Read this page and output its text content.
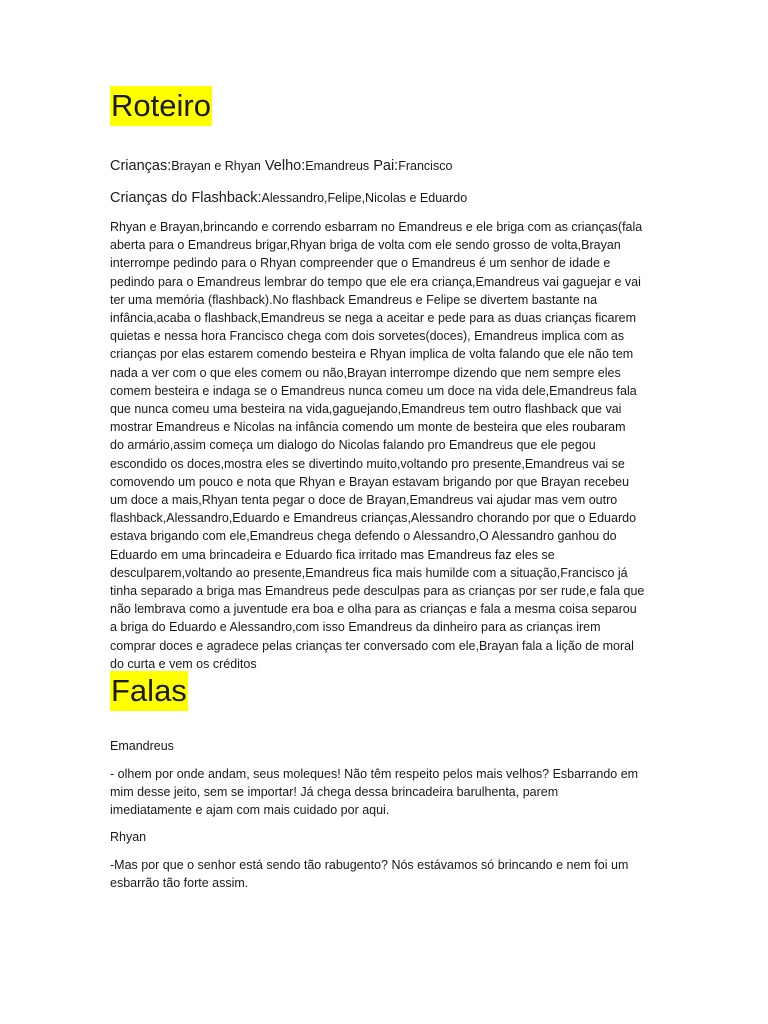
Roteiro
Crianças:Brayan e Rhyan Velho:Emandreus Pai:Francisco
Crianças do Flashback:Alessandro,Felipe,Nicolas e Eduardo

Rhyan e Brayan,brincando e correndo esbarram no Emandreus e ele briga com as crianças(fala
aberta para o Emandreus brigar,Rhyan briga de volta com ele sendo grosso de volta,Brayan
interrompe pedindo para o Rhyan compreender que o Emandreus é um senhor de idade e
pedindo para o Emandreus lembrar do tempo que ele era criança,Emandreus vai gaguejar e vai
ter uma memória (flashback).No flashback Emandreus e Felipe se divertem bastante na
infância,acaba o flashback,Emandreus se nega a aceitar e pede para as duas crianças ficarem
quietas e nessa hora Francisco chega com dois sorvetes(doces), Emandreus implica com as
crianças por elas estarem comendo besteira e Rhyan implica de volta falando que ele não tem
nada a ver com o que eles comem ou não,Brayan interrompe dizendo que nem sempre eles
comem besteira e indaga se o Emandreus nunca comeu um doce na vida dele,Emandreus fala
que nunca comeu uma besteira na vida,gaguejando,Emandreus tem outro flashback que vai
mostrar Emandreus e Nicolas na infância comendo um monte de besteira que eles roubaram
do armário,assim começa um dialogo do Nicolas falando pro Emandreus que ele pegou
escondido os doces,mostra eles se divertindo muito,voltando pro presente,Emandreus vai se
comovendo um pouco e nota que Rhyan e Brayan estavam brigando por que Brayan recebeu
um doce a mais,Rhyan tenta pegar o doce de Brayan,Emandreus vai ajudar mas vem outro
flashback,Alessandro,Eduardo e Emandreus crianças,Alessandro chorando por que o Eduardo
estava brigando com ele,Emandreus chega defendo o Alessandro,O Alessandro ganhou do
Eduardo em uma brincadeira e Eduardo fica irritado mas Emandreus faz eles se
desculparem,voltando ao presente,Emandreus fica mais humilde com a situação,Francisco já
tinha separado a briga mas Emandreus pede desculpas para as crianças por ser rude,e fala que
não lembrava como a juventude era boa e olha para as crianças e fala a mesma coisa separou
a briga do Eduardo e Alessandro,com isso Emandreus da dinheiro para as crianças irem
comprar doces e agradece pelas crianças ter conversado com ele,Brayan fala a lição de moral
do curta e vem os créditos

Falas
Emandreus

- olhem por onde andam, seus moleques! Não têm respeito pelos mais velhos? Esbarrando em
mim desse jeito, sem se importar! Já chega dessa brincadeira barulhenta, parem
imediatamente e ajam com mais cuidado por aqui.

Rhyan

-Mas por que o senhor está sendo tão rabugento? Nós estávamos só brincando e nem foi um
esbarrão tão forte assim.
